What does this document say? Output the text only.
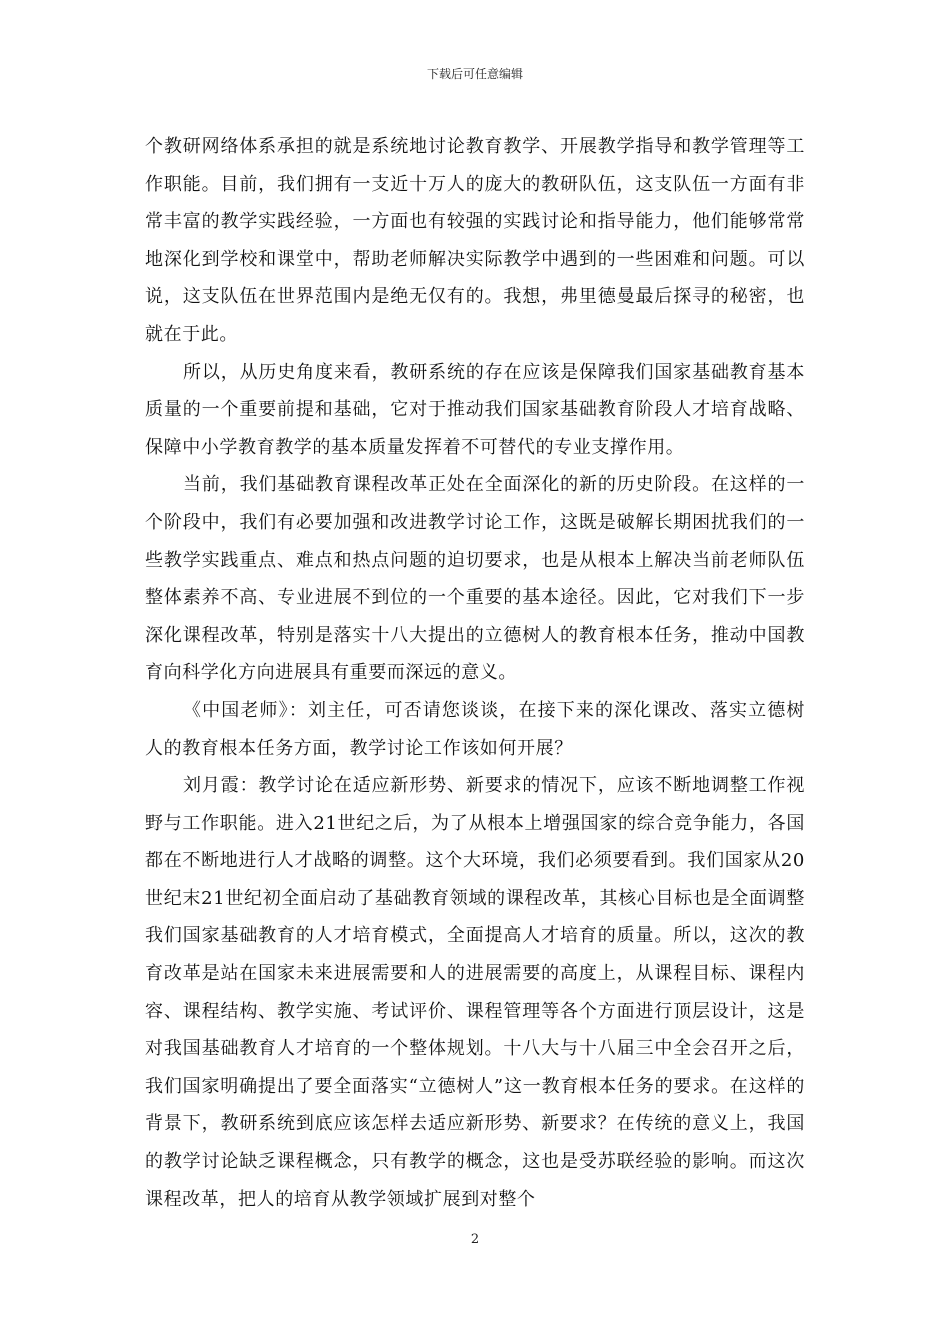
下载后可任意编辑

个教研网络体系承担的就是系统地讨论教育教学、开展教学指导和教学管理等工作职能。目前，我们拥有一支近十万人的庞大的教研队伍，这支队伍一方面有非常丰富的教学实践经验，一方面也有较强的实践讨论和指导能力，他们能够常常地深化到学校和课堂中，帮助老师解决实际教学中遇到的一些困难和问题。可以说，这支队伍在世界范围内是绝无仅有的。我想，弗里德曼最后探寻的秘密，也就在于此。

所以，从历史角度来看，教研系统的存在应该是保障我们国家基础教育基本质量的一个重要前提和基础，它对于推动我们国家基础教育阶段人才培育战略、保障中小学教育教学的基本质量发挥着不可替代的专业支撑作用。

当前，我们基础教育课程改革正处在全面深化的新的历史阶段。在这样的一个阶段中，我们有必要加强和改进教学讨论工作，这既是破解长期困扰我们的一些教学实践重点、难点和热点问题的迫切要求，也是从根本上解决当前老师队伍整体素养不高、专业进展不到位的一个重要的基本途径。因此，它对我们下一步深化课程改革，特别是落实十八大提出的立德树人的教育根本任务，推动中国教育向科学化方向进展具有重要而深远的意义。

《中国老师》：刘主任，可否请您谈谈，在接下来的深化课改、落实立德树人的教育根本任务方面，教学讨论工作该如何开展？

刘月霞：教学讨论在适应新形势、新要求的情况下，应该不断地调整工作视野与工作职能。进入21世纪之后，为了从根本上增强国家的综合竞争能力，各国都在不断地进行人才战略的调整。这个大环境，我们必须要看到。我们国家从20世纪末21世纪初全面启动了基础教育领域的课程改革，其核心目标也是全面调整我们国家基础教育的人才培育模式，全面提高人才培育的质量。所以，这次的教育改革是站在国家未来进展需要和人的进展需要的高度上，从课程目标、课程内容、课程结构、教学实施、考试评价、课程管理等各个方面进行顶层设计，这是对我国基础教育人才培育的一个整体规划。十八大与十八届三中全会召开之后，我们国家明确提出了要全面落实“立德树人”这一教育根本任务的要求。在这样的背景下，教研系统到底应该怎样去适应新形势、新要求？在传统的意义上，我国的教学讨论缺乏课程概念，只有教学的概念，这也是受苏联经验的影响。而这次课程改革，把人的培育从教学领域扩展到对整个

2
